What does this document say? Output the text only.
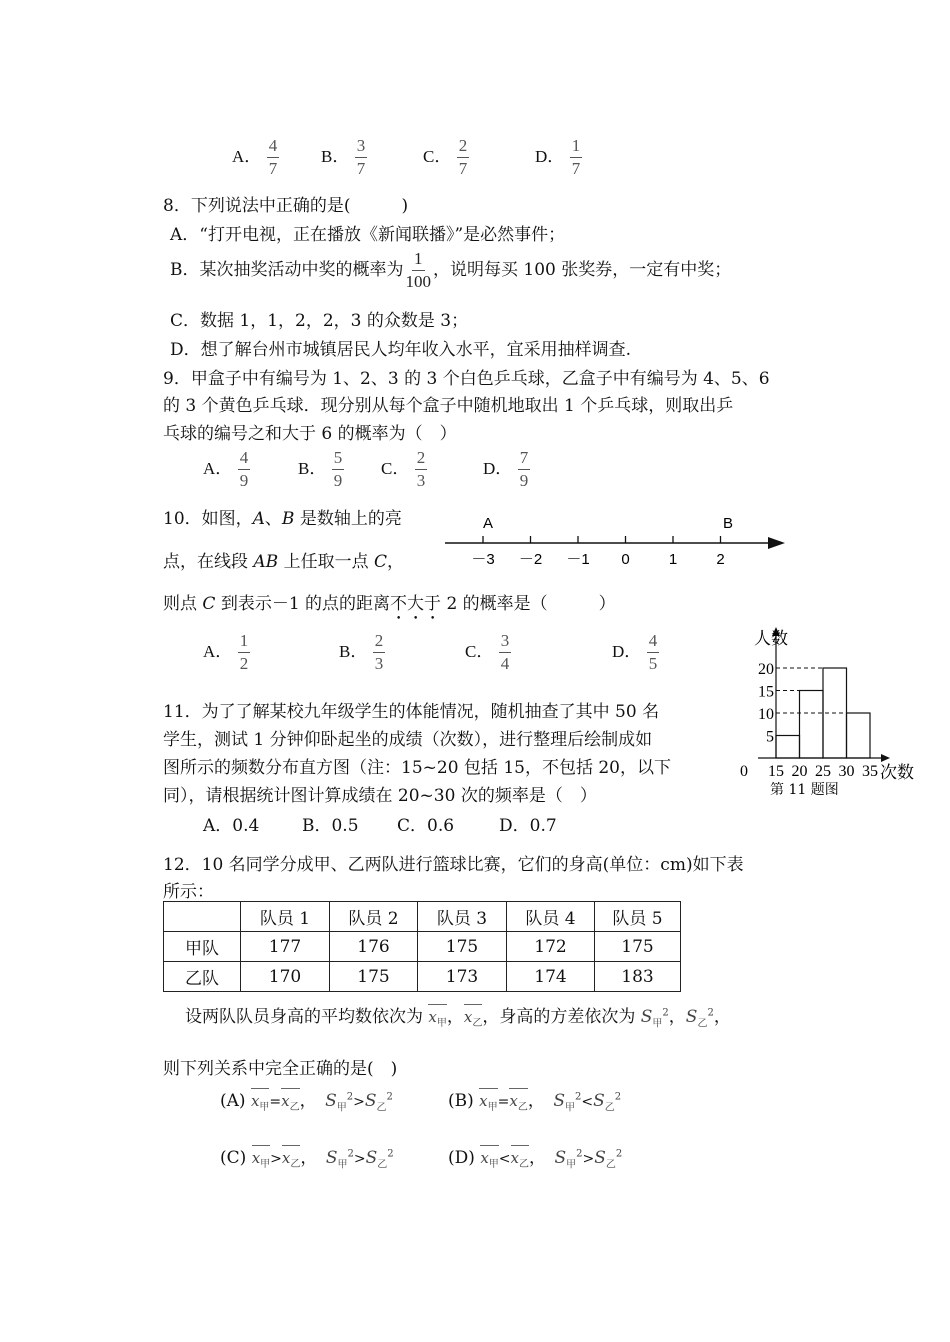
A． $\frac{4}{7}$ B． $\frac{3}{7}$	C． $\frac{2}{7}$	D． $\frac{1}{7}$
8．下列说法中正确的是(　　　)
A．“打开电视，正在播放《新闻联播》”是必然事件；
B．某次抽奖活动中奖的概率为 $\frac{1}{100}$ ，说明每买 100 张奖券，一定有中奖；
C．数据 1，1，2，2，3 的众数是 3；
D．想了解台州市城镇居民人均年收入水平，宜采用抽样调查.
9．甲盒子中有编号为 1、2、3 的 3 个白色乒乓球，乙盒子中有编号为 4、5、6
的 3 个黄色乒乓球．现分别从每个盒子中随机地取出 1 个乒乓球，则取出乒
乓球的编号之和大于 6 的概率为（　）
A． $\frac{4}{9}$	B． $\frac{5}{9}$ C． $\frac{2}{3}$	D． $\frac{7}{9}$
10．如图，A、B 是数轴上的亮
点，在线段 AB 上任取一点 C，
则点 C 到表示－1 的点的距离不大于 2 的概率是（　　　）
－3 －2 －1 0	1	2
A	B
A． $\frac{1}{2}$	B． $\frac{2}{3}$	C． $\frac{3}{4}$	D． $\frac{4}{5}$
5
10
15
20
0 15 20 25 30 35
人数
次数
第 11 题图
11．为了了解某校九年级学生的体能情况，随机抽查了其中 50 名
学生，测试 1 分钟仰卧起坐的成绩（次数），进行整理后绘制成如
图所示的频数分布直方图（注：15~20 包括 15，不包括 20，以下
同），请根据统计图计算成绩在 20~30 次的频率是（　）
A．0.4	B．0.5 C．0.6	D．0.7
12．10 名同学分成甲、乙两队进行篮球比赛，它们的身高(单位：cm)如下表
所示：
	队员 1	队员 2	队员 3	队员 4	队员 5
甲队	177	176	175	172	175
乙队	170	175	173	174	183
设两队队员身高的平均数依次为 $x_甲$，$x_乙$，身高的方差依次为 $S_甲^2$，$S_乙^2$，
则下列关系中完全正确的是(　)
(A) $x_甲=x_乙$，　 $S_甲^2>S_乙^2$	(B) $x_甲=x_乙$，　 $S_甲^2<S_乙^2$
(C) $x_甲>x_乙$，　 $S_甲^2>S_乙^2$	(D) $x_甲<x_乙$，　 $S_甲^2>S_乙^2$
